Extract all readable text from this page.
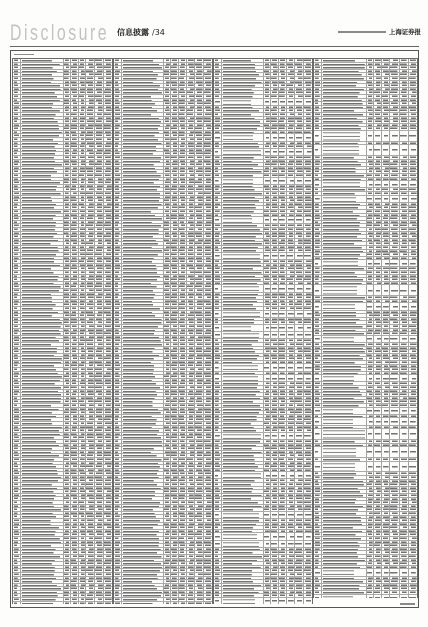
Disclosure 信息披露 /34	上海证券报
